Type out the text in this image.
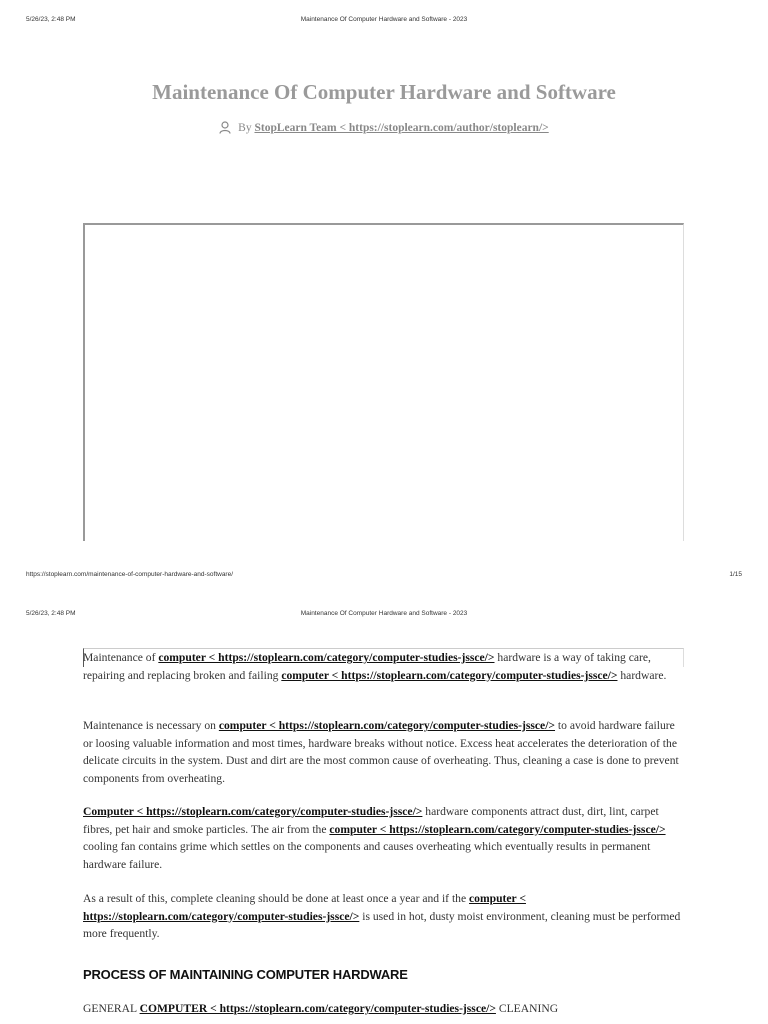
5/26/23, 2:48 PM	Maintenance Of Computer Hardware and Software - 2023
Maintenance Of Computer Hardware and Software
By StopLearn Team < https://stoplearn.com/author/stoplearn/>
https://stoplearn.com/maintenance-of-computer-hardware-and-software/	1/15
5/26/23, 2:48 PM	Maintenance Of Computer Hardware and Software - 2023

Maintenance of computer < https://stoplearn.com/category/computer-studies-jssce/> hardware is a way of taking care, repairing and replacing broken and failing computer < https://stoplearn.com/category/computer-studies-jssce/> hardware.

Maintenance is necessary on computer < https://stoplearn.com/category/computer-studies-jssce/> to avoid hardware failure or loosing valuable information and most times, hardware breaks without notice. Excess heat accelerates the deterioration of the delicate circuits in the system. Dust and dirt are the most common cause of overheating. Thus, cleaning a case is done to prevent components from overheating.

Computer < https://stoplearn.com/category/computer-studies-jssce/> hardware components attract dust, dirt, lint, carpet fibres, pet hair and smoke particles. The air from the computer < https://stoplearn.com/category/computer-studies-jssce/> cooling fan contains grime which settles on the components and causes overheating which eventually results in permanent hardware failure.

As a result of this, complete cleaning should be done at least once a year and if the computer < https://stoplearn.com/category/computer-studies-jssce/> is used in hot, dusty moist environment, cleaning must be performed more frequently.

PROCESS OF MAINTAINING COMPUTER HARDWARE

GENERAL COMPUTER < https://stoplearn.com/category/computer-studies-jssce/> CLEANING
